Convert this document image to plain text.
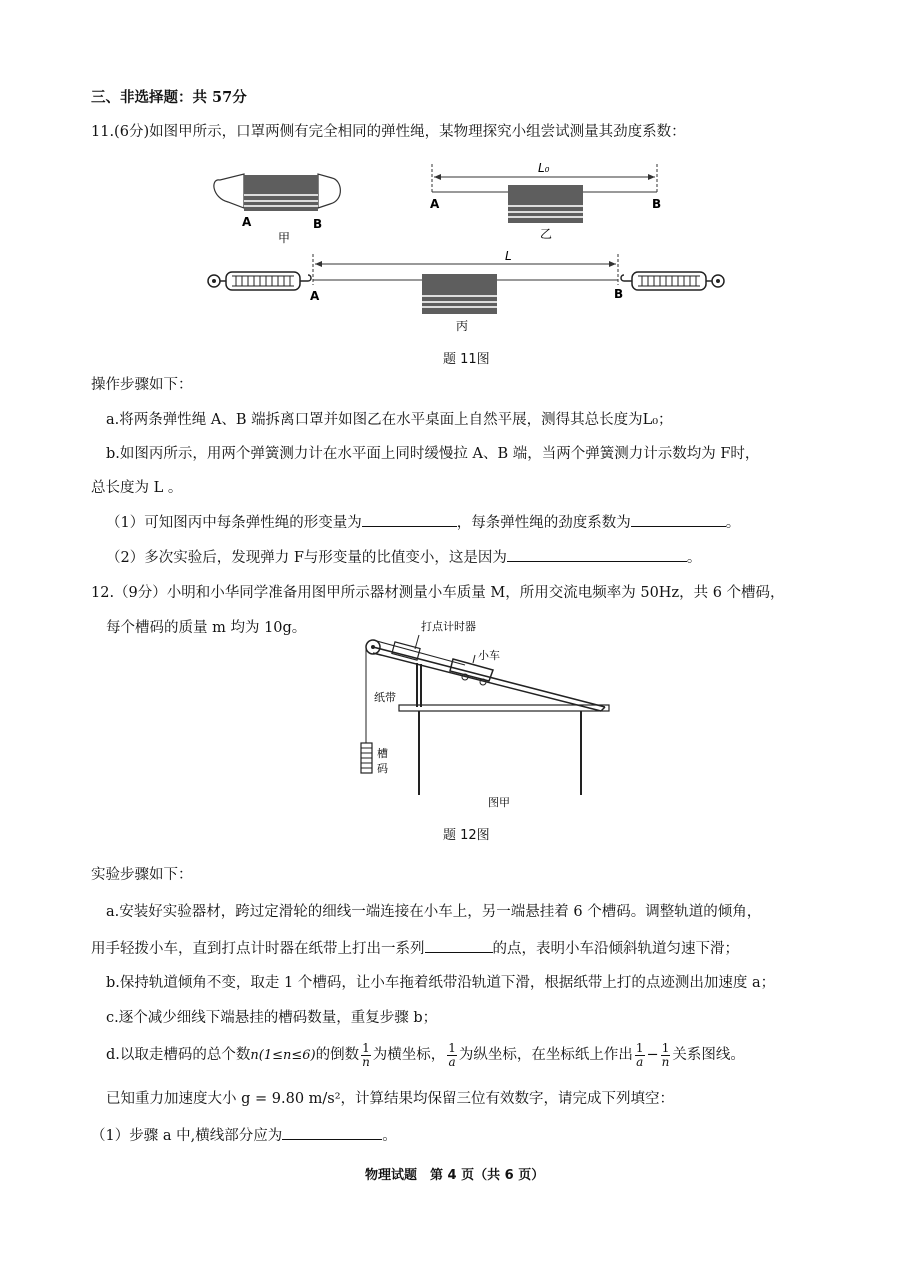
三、非选择题：共 57分
11.(6分)如图甲所示，口罩两侧有完全相同的弹性绳，某物理探究小组尝试测量其劲度系数：
A	B
甲
L₀
A	B
乙
L
A	B
丙
题 11图
操作步骤如下：
a.将两条弹性绳 A、B 端拆离口罩并如图乙在水平桌面上自然平展，测得其总长度为L₀；
b.如图丙所示，用两个弹簧测力计在水平面上同时缓慢拉 A、B 端，当两个弹簧测力计示数均为 F时，
总长度为 L 。
（1）可知图丙中每条弹性绳的形变量为	，每条弹性绳的劲度系数为	。
（2）多次实验后，发现弹力 F与形变量的比值变小，这是因为	。
12.（9分）小明和小华同学准备用图甲所示器材测量小车质量 M，所用交流电频率为 50Hz，共 6 个槽码，
每个槽码的质量 m 均为 10g。	打点计时器
小车
纸带
槽
码
图甲
题 12图
实验步骤如下：
a.安装好实验器材，跨过定滑轮的细线一端连接在小车上，另一端悬挂着 6 个槽码。调整轨道的倾角，
用手轻拨小车，直到打点计时器在纸带上打出一系列	的点，表明小车沿倾斜轨道匀速下滑；
b.保持轨道倾角不变，取走 1 个槽码，让小车拖着纸带沿轨道下滑，根据纸带上打的点迹测出加速度 a；
c.逐个减少细线下端悬挂的槽码数量，重复步骤 b；
d.以取走槽码的总个数n(1≤n≤6)的倒数 $\frac{1}{n}$ 为横坐标， $\frac{1}{a}$ 为纵坐标，在坐标纸上作出 $\frac{1}{a} - \frac{1}{n}$ 关系图线。
已知重力加速度大小 g = 9.80 m/s²，计算结果均保留三位有效数字，请完成下列填空：
（1）步骤 a 中,横线部分应为	。
物理试题　第 4 页（共 6 页）
